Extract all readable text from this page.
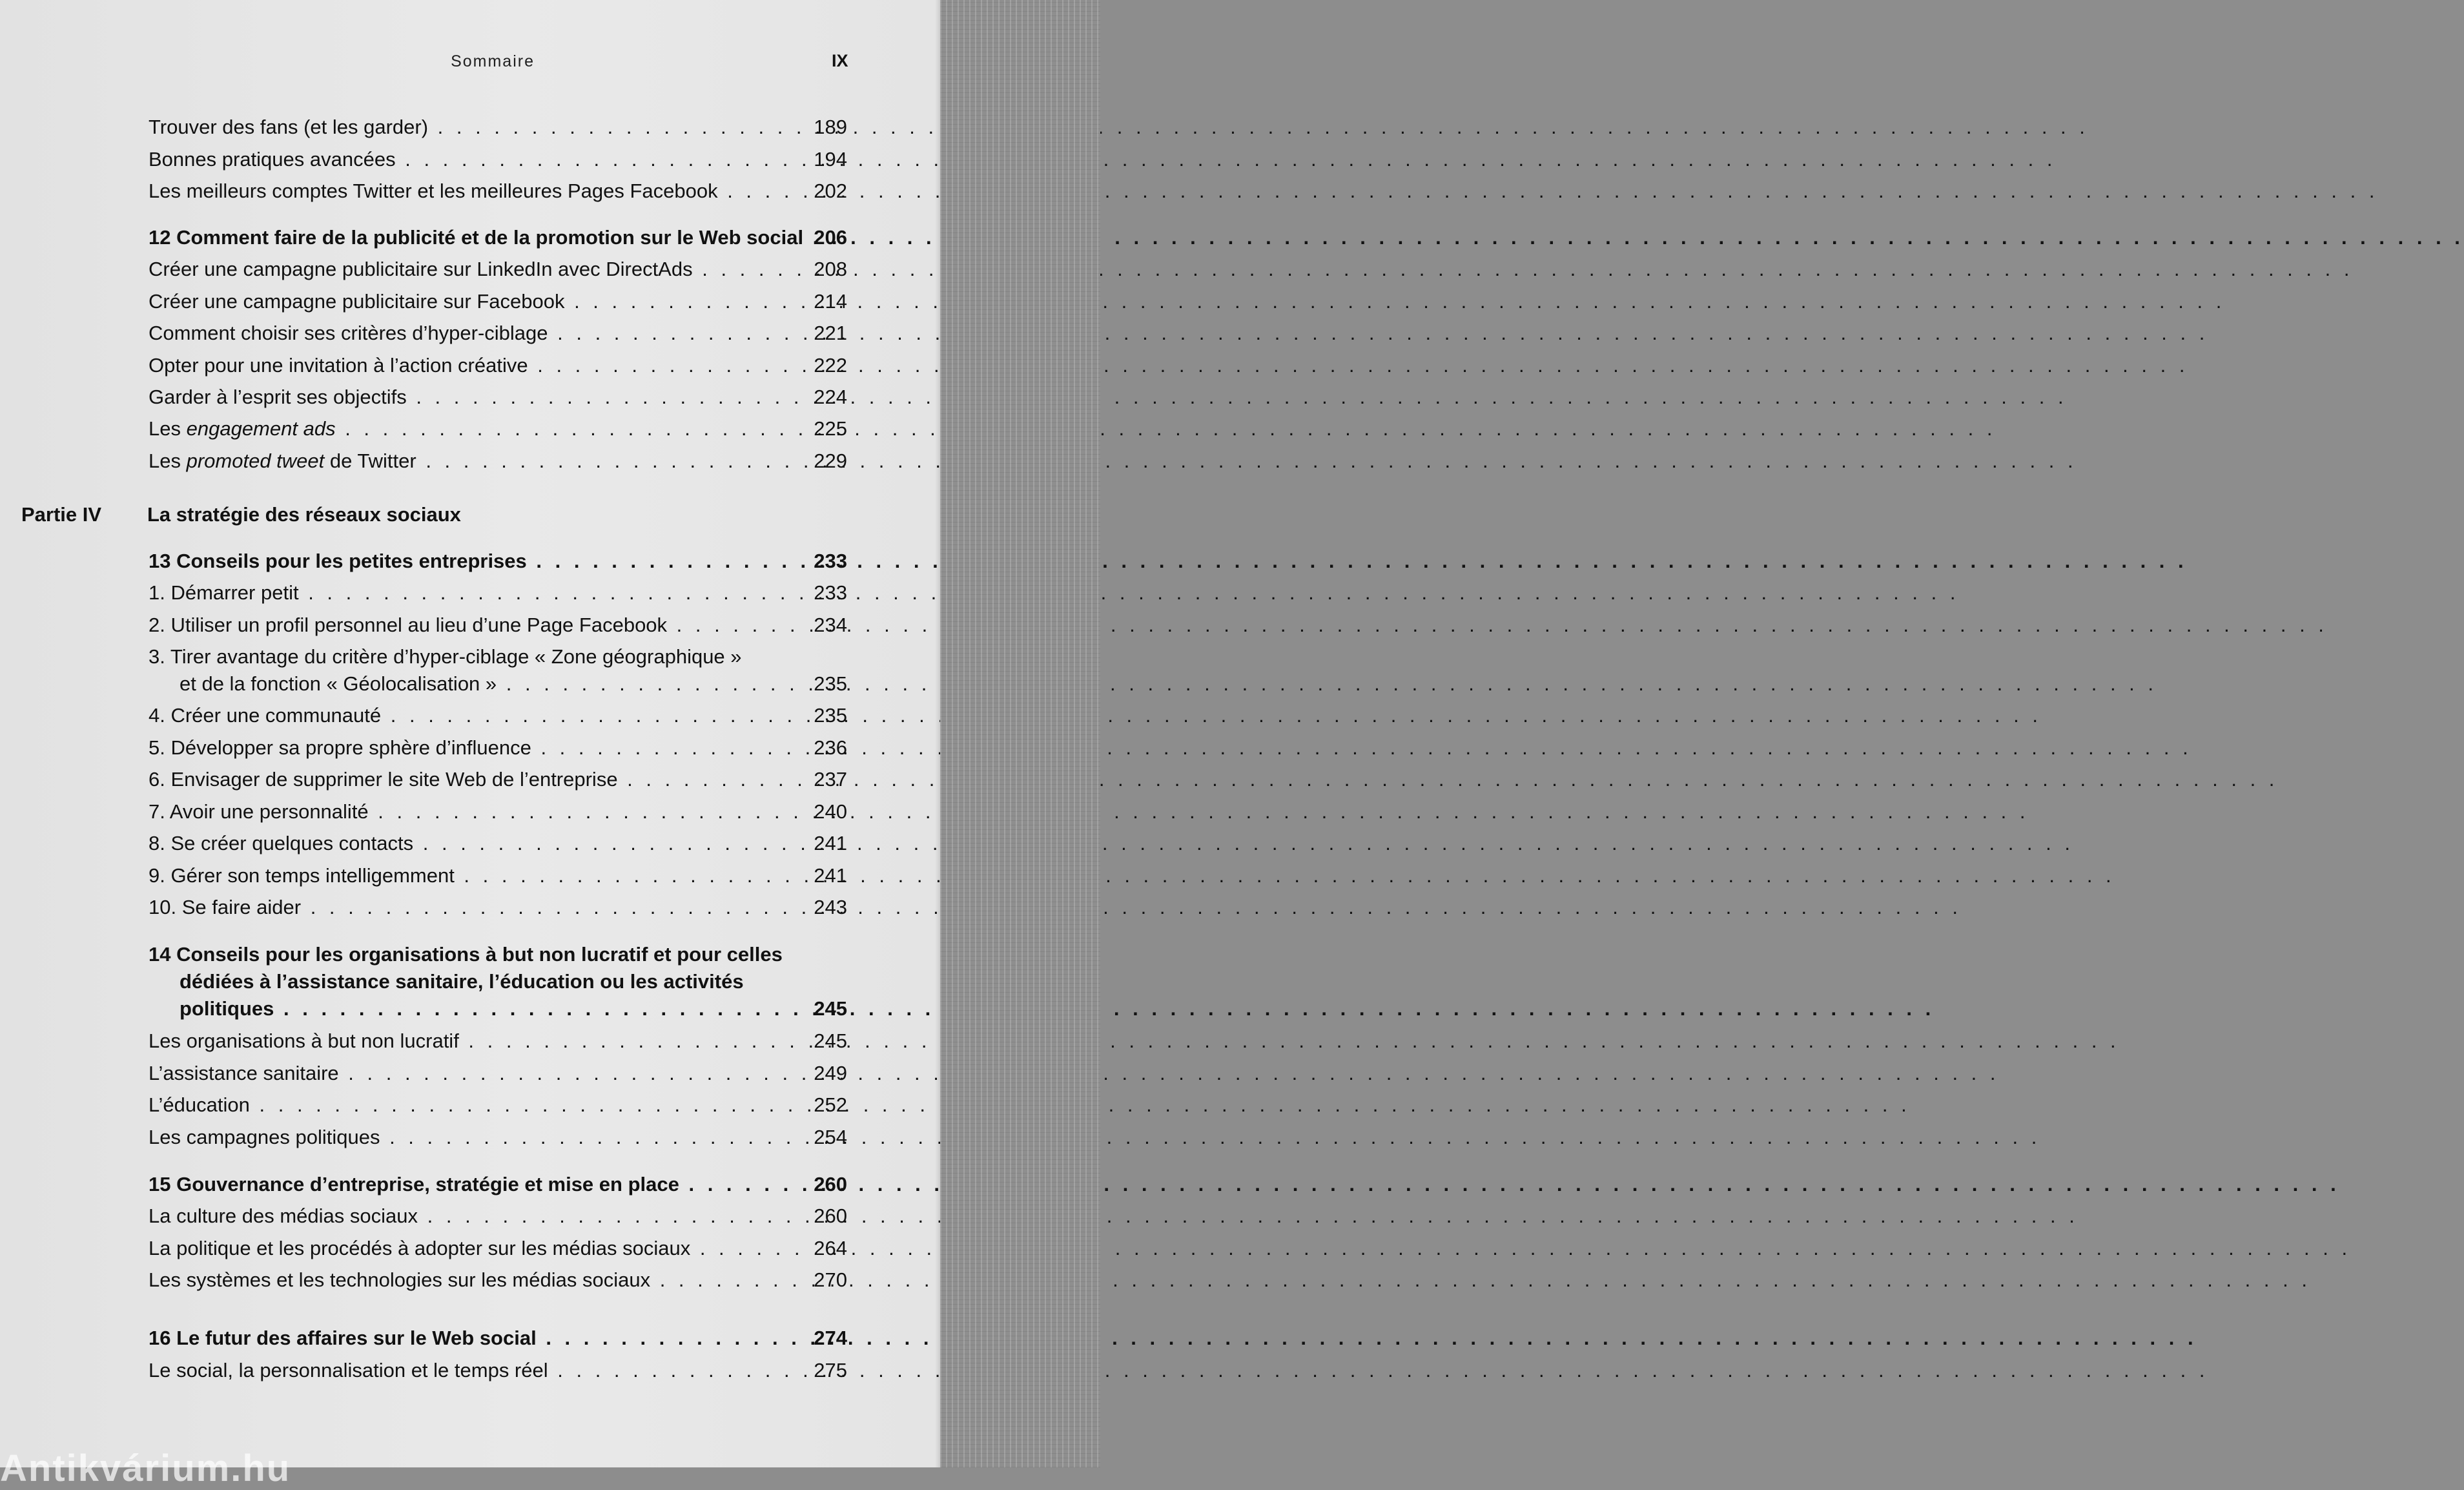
Sommaire	IX
Trouver des fans (et les garder) . . .	189
Bonnes pratiques avancées . . .	194
Les meilleurs comptes Twitter et les meilleures Pages Facebook . . .	202
12 Comment faire de la publicité et de la promotion sur le Web social . . . 206
Créer une campagne publicitaire sur LinkedIn avec DirectAds . . .	208
Créer une campagne publicitaire sur Facebook . . .	214
Comment choisir ses critères d’hyper-ciblage . . .	221
Opter pour une invitation à l’action créative . . .	222
Garder à l’esprit ses objectifs . . .	224
Les engagement ads . . .	225
Les promoted tweet de Twitter . . .	229
Partie IV La stratégie des réseaux sociaux
13 Conseils pour les petites entreprises . . .	233
1. Démarrer petit . . .	233
2. Utiliser un profil personnel au lieu d’une Page Facebook . . .	234
3. Tirer avantage du critère d’hyper-ciblage « Zone géographique »
et de la fonction « Géolocalisation » . . .	235
4. Créer une communauté . . .	235
5. Développer sa propre sphère d’influence . . .	236
6. Envisager de supprimer le site Web de l’entreprise . . .	237
7. Avoir une personnalité . . .	240
8. Se créer quelques contacts . . .	241
9. Gérer son temps intelligemment . . .	241
10. Se faire aider . . .	243
14 Conseils pour les organisations à but non lucratif et pour celles
dédiées à l’assistance sanitaire, l’éducation ou les activités
politiques . . .	245
Les organisations à but non lucratif . . .	245
L’assistance sanitaire . . .	249
L’éducation . . .	252
Les campagnes politiques . . .	254
15 Gouvernance d’entreprise, stratégie et mise en place . . .	260
La culture des médias sociaux . . .	260
La politique et les procédés à adopter sur les médias sociaux . . .	264
Les systèmes et les technologies sur les médias sociaux . . .	270
16 Le futur des affaires sur le Web social . . .	274
Le social, la personnalisation et le temps réel . . .	275
Antikvárium.hu
